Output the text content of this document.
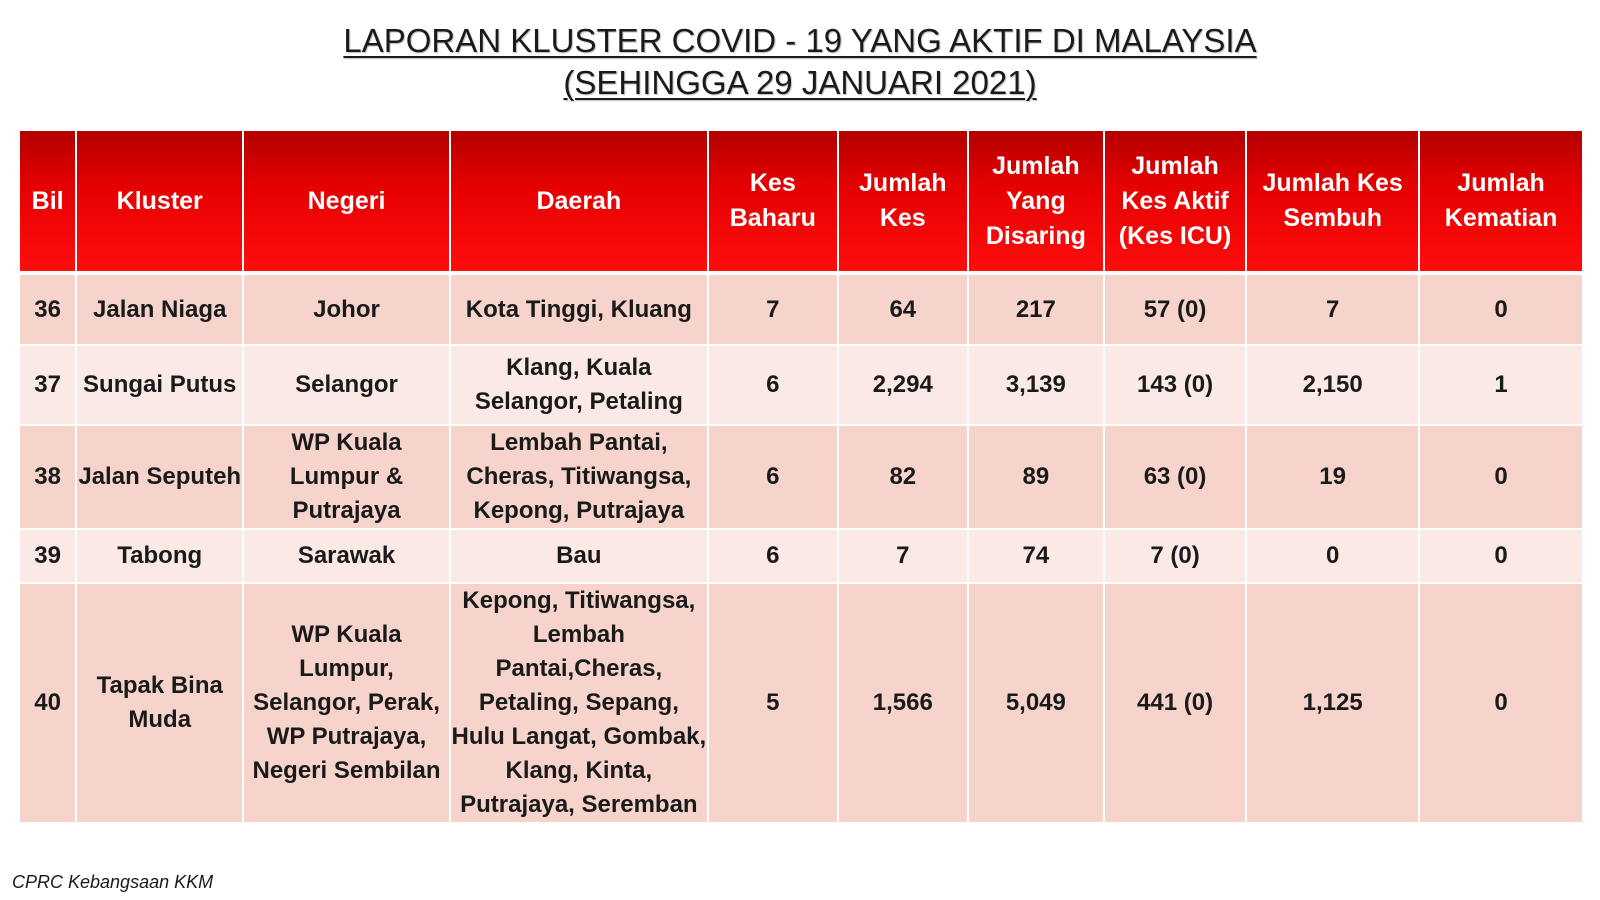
LAPORAN KLUSTER COVID - 19 YANG AKTIF DI MALAYSIA
(SEHINGGA 29 JANUARI 2021)
Bil	Kluster	Negeri	Daerah	Kes Baharu	Jumlah Kes	Jumlah Yang Disaring	Jumlah Kes Aktif (Kes ICU)	Jumlah Kes Sembuh	Jumlah Kematian
36	Jalan Niaga	Johor	Kota Tinggi, Kluang	7	64	217	57 (0)	7	0
37	Sungai Putus	Selangor	Klang, Kuala Selangor, Petaling	6	2,294	3,139	143 (0)	2,150	1
38	Jalan Seputeh	WP Kuala Lumpur & Putrajaya	Lembah Pantai, Cheras, Titiwangsa, Kepong, Putrajaya	6	82	89	63 (0)	19	0
39	Tabong	Sarawak	Bau	6	7	74	7 (0)	0	0
40	Tapak Bina Muda	WP Kuala Lumpur, Selangor, Perak, WP Putrajaya, Negeri Sembilan	Kepong, Titiwangsa, Lembah Pantai,Cheras, Petaling, Sepang, Hulu Langat, Gombak, Klang, Kinta, Putrajaya, Seremban	5	1,566	5,049	441 (0)	1,125	0
CPRC Kebangsaan KKM
